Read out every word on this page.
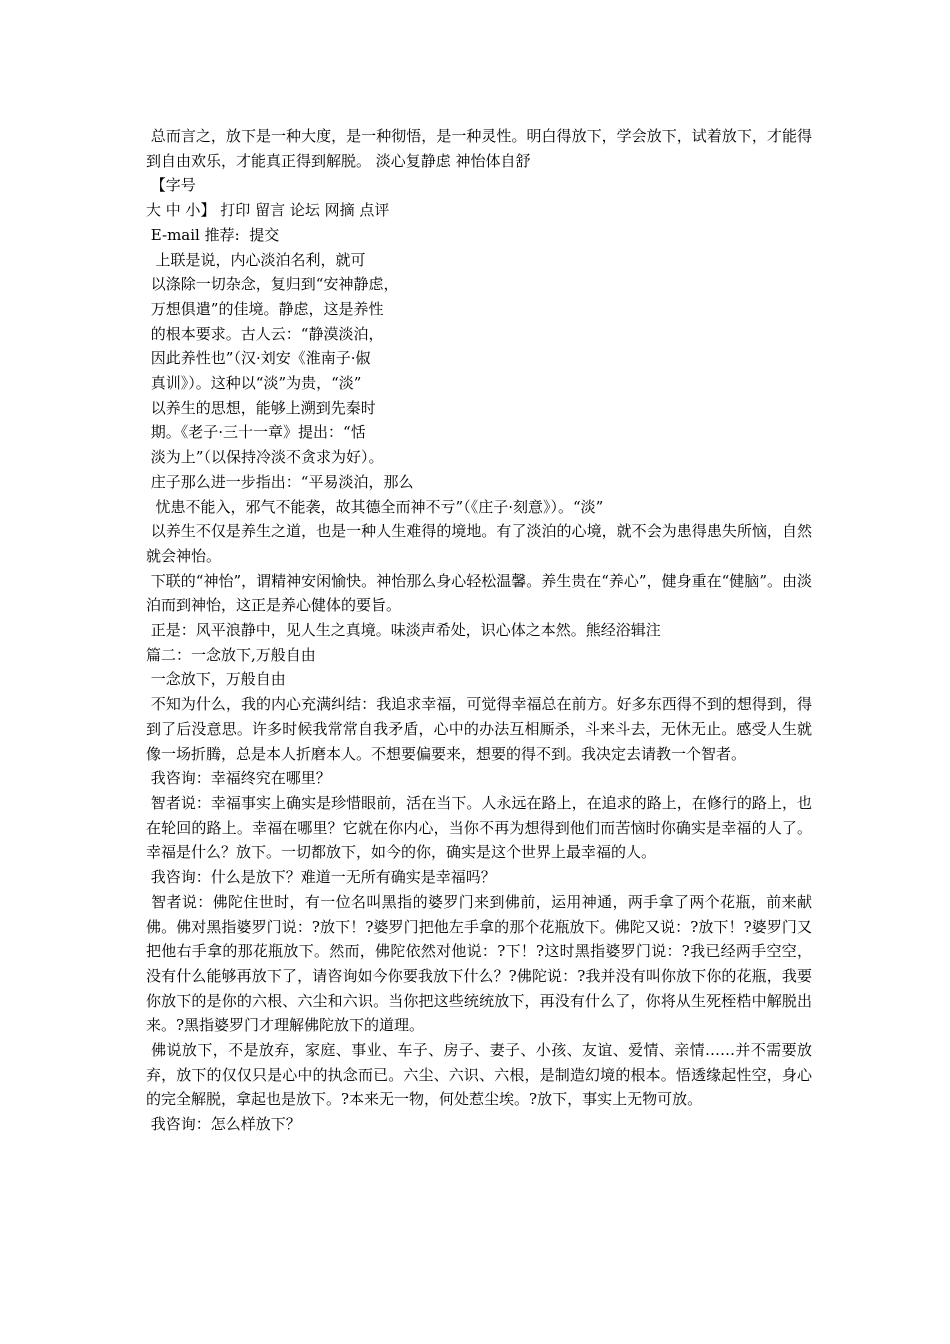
总而言之，放下是一种大度，是一种彻悟，是一种灵性。明白得放下，学会放下，试着放下，才能得到自由欢乐，才能真正得到解脱。 淡心复静虑 神怡体自舒

【字号

大 中 小】 打印 留言 论坛 网摘 点评

E-mail 推荐:  提交

上联是说，内心淡泊名利，就可

以涤除一切杂念，复归到“安神静虑，

万想俱遣”的佳境。静虑，这是养性

的根本要求。古人云：“静漠淡泊，

因此养性也”（汉·刘安《淮南子·俶

真训》）。这种以“淡”为贵，“淡”

以养生的思想，能够上溯到先秦时

期。《老子·三十一章》提出：“恬

淡为上”（以保持冷淡不贪求为好）。

庄子那么进一步指出：“平易淡泊，那么

忧患不能入，邪气不能袭，故其德全而神不亏”（《庄子·刻意》）。“淡”

以养生不仅是养生之道，也是一种人生难得的境地。有了淡泊的心境，就不会为患得患失所恼，自然就会神怡。

下联的“神怡”，谓精神安闲愉快。神怡那么身心轻松温馨。养生贵在“养心”，健身重在“健脑”。由淡泊而到神怡，这正是养心健体的要旨。

正是：风平浪静中，见人生之真境。味淡声希处，识心体之本然。熊经浴辑注

篇二：一念放下,万般自由

一念放下，万般自由

不知为什么，我的内心充满纠结：我追求幸福，可觉得幸福总在前方。好多东西得不到的想得到，得到了后没意思。许多时候我常常自我矛盾，心中的办法互相厮杀，斗来斗去，无休无止。感受人生就像一场折腾，总是本人折磨本人。不想要偏要来，想要的得不到。我决定去请教一个智者。

我咨询：幸福终究在哪里？

智者说：幸福事实上确实是珍惜眼前，活在当下。人永远在路上，在追求的路上，在修行的路上，也在轮回的路上。幸福在哪里？它就在你内心，当你不再为想得到他们而苦恼时你确实是幸福的人了。幸福是什么？放下。一切都放下，如今的你，确实是这个世界上最幸福的人。

我咨询：什么是放下？难道一无所有确实是幸福吗？

智者说：佛陀住世时，有一位名叫黑指的婆罗门来到佛前，运用神通，两手拿了两个花瓶，前来献佛。佛对黑指婆罗门说：?放下！?婆罗门把他左手拿的那个花瓶放下。佛陀又说：?放下！?婆罗门又把他右手拿的那花瓶放下。然而，佛陀依然对他说：?下！?这时黑指婆罗门说：?我已经两手空空，没有什么能够再放下了，请咨询如今你要我放下什么？?佛陀说：?我并没有叫你放下你的花瓶，我要你放下的是你的六根、六尘和六识。当你把这些统统放下，再没有什么了，你将从生死桎梏中解脱出来。?黑指婆罗门才理解佛陀放下的道理。

佛说放下，不是放弃，家庭、事业、车子、房子、妻子、小孩、友谊、爱情、亲情……并不需要放弃，放下的仅仅只是心中的执念而已。六尘、六识、六根，是制造幻境的根本。悟透缘起性空，身心的完全解脱，拿起也是放下。?本来无一物，何处惹尘埃。?放下，事实上无物可放。

我咨询：怎么样放下？
